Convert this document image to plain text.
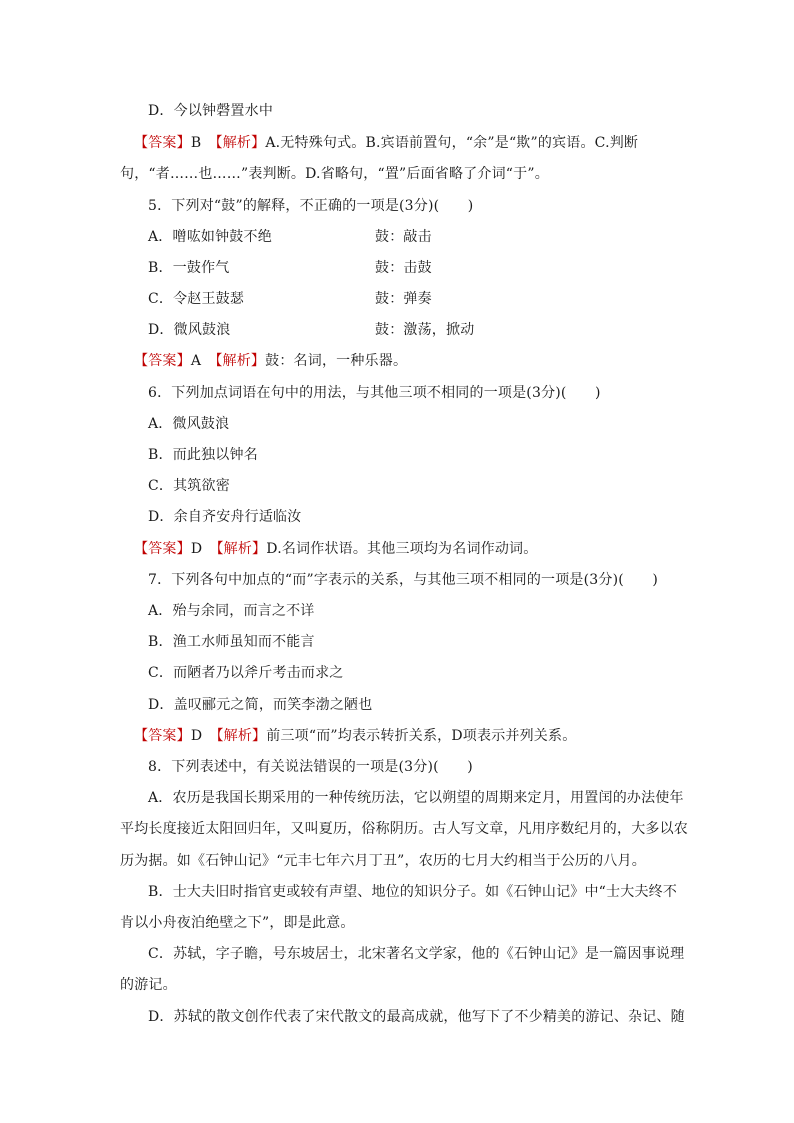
D．今以钟磬置水中
【答案】B　 【解析】A.无特殊句式。B.宾语前置句，“余”是“欺”的宾语。C.判断
句，“者……也……”表判断。D.省略句，“置”后面省略了介词“于”。
5．下列对“鼓”的解释，不正确的一项是(3分)(　　)
A．噌吰如钟鼓不绝	鼓：敲击
B．一鼓作气	鼓：击鼓
C．令赵王鼓瑟	鼓：弹奏
D．微风鼓浪	鼓：激荡，掀动
【答案】A　 【解析】鼓：名词，一种乐器。
6．下列加点词语在句中的用法，与其他三项不相同的一项是(3分)(　　)
A．微风鼓浪
B．而此独以钟名
C．其筑欲密
D．余自齐安舟行适临汝
【答案】D　 【解析】D.名词作状语。其他三项均为名词作动词。
7．下列各句中加点的“而”字表示的关系，与其他三项不相同的一项是(3分)(　　)
A．殆与余同，而言之不详
B．渔工水师虽知而不能言
C．而陋者乃以斧斤考击而求之
D．盖叹郦元之简，而笑李渤之陋也
【答案】D　 【解析】前三项“而”均表示转折关系，D项表示并列关系。
8．下列表述中，有关说法错误的一项是(3分)(　　)
A．农历是我国长期采用的一种传统历法，它以朔望的周期来定月，用置闰的办法使年
平均长度接近太阳回归年，又叫夏历，俗称阴历。古人写文章，凡用序数纪月的，大多以农
历为据。如《石钟山记》“元丰七年六月丁丑”，农历的七月大约相当于公历的八月。
B．士大夫旧时指官吏或较有声望、地位的知识分子。如《石钟山记》中“士大夫终不
肯以小舟夜泊绝壁之下”，即是此意。
C．苏轼，字子瞻，号东坡居士，北宋著名文学家，他的《石钟山记》是一篇因事说理
的游记。
D．苏轼的散文创作代表了宋代散文的最高成就，他写下了不少精美的游记、杂记、随
